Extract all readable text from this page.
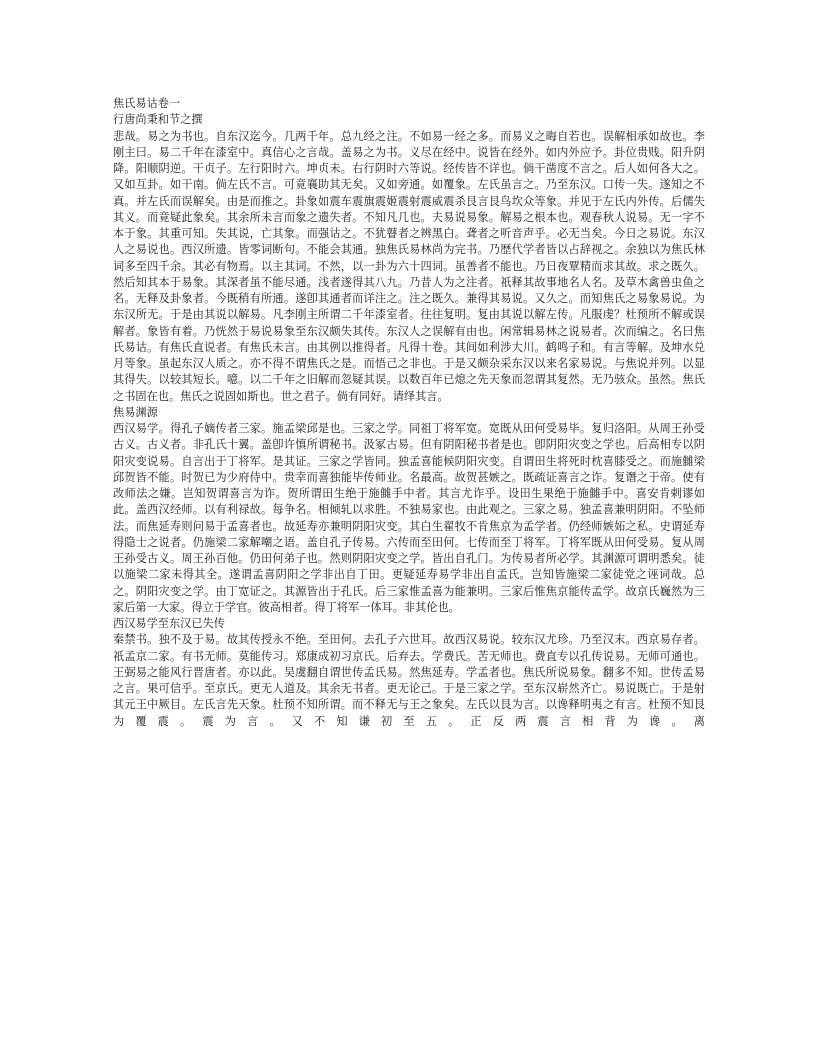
焦氏易诂卷一
行唐尚秉和节之撰

悲哉。易之为书也。自东汉迄今。几两千年。总九经之注。不如易一经之多。而易义之晦自若也。误解相承如故也。李刚主曰。易二千年在漆室中。真信心之言哉。盖易之为书。义尽在经中。说皆在经外。如内外应予。卦位贵贱。阳升阴降。阳顺阴逆。干贞子。左行阳时六。坤贞未。右行阴时六等说。经传皆不详也。倘干凿度不言之。后人如何各大之。又如互卦。如干南。倘左氏不言。可竟襄助其无矣。又如旁通。如覆象。左氏虽言之。乃至东汉。口传一失。遂知之不真。并左氏而误解矣。由是而推之。卦象如震车震旗震姬震射震威震杀艮言艮鸟坎众等象。并见于左氏内外传。后儒失其义。而竟疑此象矣。其余所未言而象之遗失者。不知凡几也。夫易说易象。解易之根本也。观春秋人说易。无一字不本于象。其重可知。失其说，亡其象。而强诂之。不犹瞽者之辨黑白。聋者之听音声乎。必无当矣。今日之易说。东汉人之易说也。西汉所遗。皆零词断句。不能会其通。独焦氏易林尚为完书。乃歴代学者皆以占辞视之。余独以为焦氏林词多至四千余。其必有物焉。以主其词。不然，以一卦为六十四词。虽善者不能也。乃日夜覃精而求其故。求之既久。然后知其本于易象。其深者虽不能尽通。浅者遂得其八九。乃昔人为之注者。祇释其故事地名人名。及草木禽兽虫鱼之名。无释及卦象者。今既稍有所通。遂卽其通者而详注之。注之既久。兼得其易说。又久之。而知焦氏之易象易说。为东汉所无。于是由其说以解易。凡李刚主所谓二千年漆室者。往往复明。复由其说以解左传。凡服虔？杜预所不解或误解者。象皆有着。乃恍然于易说易象至东汉颇失其传。东汉人之误解有由也。闲常辑易林之说易者。次而编之。名曰焦氏易诂。有焦氏直说者。有焦氏未言。由其例以推得者。凡得十卷。其间如利涉大川。鹤鸣子和。有言等解。及坤水兑月等象。虽起东汉人质之。亦不得不谓焦氏之是。而悟己之非也。于是又颇杂采东汉以来名家易说。与焦说并列。以显其得失。以较其短长。噫。以二千年之旧解而忽疑其误。以数百年已熄之先天象而忽谓其复然。无乃骇众。虽然。焦氏之书固在也。焦氏之说固如斯也。世之君子。倘有同好。请绎其言。

焦易渊源

西汉易学。得孔子嫡传者三家。施孟梁邱是也。三家之学。同祖丁将军宽。宽既从田何受易毕。复归洛阳。从周王孙受古义。古义者。非孔氏十翼。盖卽许慎所谓秘书。汲冢古易。但有阴阳秘书者是也。卽阴阳灾变之学也。后高相专以阴阳灾变说易。自言出于丁将军。是其证。三家之学皆同。独孟喜能候阴阳灾变。自谓田生将死时枕喜膝受之。而施雠梁邱贺皆不能。时贺已为少府侍中。贵幸而喜独能毕传师业。名最高。故贺甚嫉之。既疏证喜言之诈。复谮之于帝。使有改师法之嫌。岂知贺谓喜言为诈。贺所谓田生绝于施雠手中者。其言尤诈乎。设田生果绝于施雠手中。喜安肯剌谬如此。盖西汉经师。以有利禄故。每争名。相倾轧以求胜。不独易家也。由此观之。三家之易。独孟喜兼明阴阳。不坠师法。而焦延寿则问易于孟喜者也。故延寿亦兼明阴阳灾变。其白生翟牧不肯焦京为孟学者。仍经师嫉妬之私。史谓延寿得隐士之说者。仍施梁二家解嘲之语。盖自孔子传易。六传而至田何。七传而至丁将军。丁将军既从田何受易。复从周王孙受古义。周王孙百他。仍田何弟子也。然则阴阳灾变之学。皆出自孔门。为传易者所必学。其渊源可谓明悉矣。徒以施梁二家未得其全。遂谓孟喜阴阳之学非出自丁田。更疑延寿易学非出自孟氏。岂知皆施梁二家徒党之诬词哉。总之。阴阳灾变之学。由丁宽证之。其源皆出于孔氏。后三家惟孟喜为能兼明。三家后惟焦京能传孟学。故京氏巍然为三家后第一大家。得立于学官。彼高相者。得丁将军一体耳。非其伦也。

西汉易学至东汉已失传

秦禁书。独不及于易。故其传授永不绝。至田何。去孔子六世耳。故西汉易说。较东汉尤珍。乃至汉末。西京易存者。祇孟京二家。有书无师。莫能传习。郑康成初习京氏。后弃去。学费氏。苦无师也。费直专以孔传说易。无师可通也。王弼易之能风行晋唐者。亦以此。吴虞翻自谓世传孟氏易。然焦延寿。学孟者也。焦氏所说易象。翻多不知。世传孟易之言。果可信乎。至京氏。更无人道及。其余无书者。更无论己。于是三家之学。至东汉崭然齐亡。易说既亡。于是射其元王中厥目。左氏言先天象。杜预不知所谓。而不释无与王之象矣。左氏以艮为言。以谗释明夷之有言。杜预不知艮为覆震。震为言。又不知谦初至五。正反两震言相背为谗。离
